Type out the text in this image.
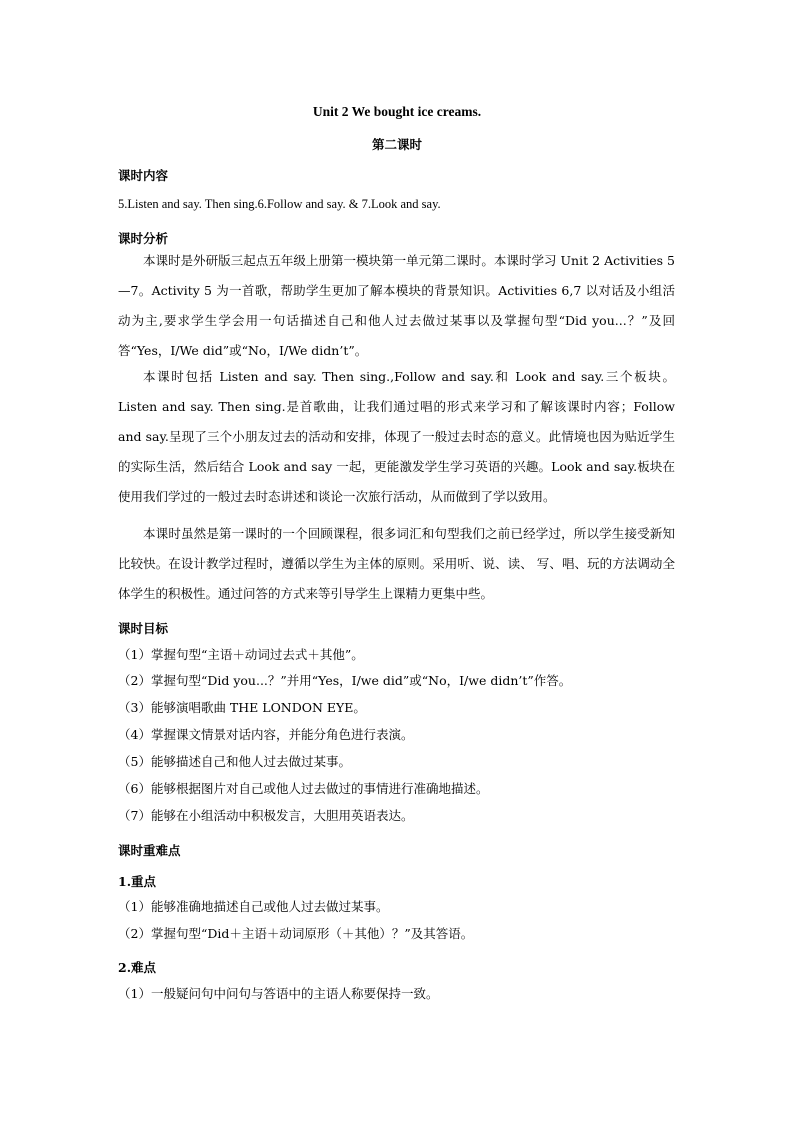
Unit 2 We bought ice creams.
第二课时
课时内容
5.Listen and say. Then sing.6.Follow and say. & 7.Look and say.
课时分析

本课时是外研版三起点五年级上册第一模块第一单元第二课时。本课时学习 Unit 2 Activities 5—7。Activity 5 为一首歌，帮助学生更加了解本模块的背景知识。Activities 6,7 以对话及小组活动为主,要求学生学会用一句话描述自己和他人过去做过某事以及掌握句型“Did you...？”及回答“Yes，I/We did”或“No，I/We didn’t”。

本课时包括 Listen and say. Then sing.,Follow and say.和 Look and say.三个板块。Listen and say. Then sing.是首歌曲，让我们通过唱的形式来学习和了解该课时内容；Follow and say.呈现了三个小朋友过去的活动和安排，体现了一般过去时态的意义。此情境也因为贴近学生的实际生活，然后结合 Look and say 一起，更能激发学生学习英语的兴趣。Look and say.板块在使用我们学过的一般过去时态讲述和谈论一次旅行活动，从而做到了学以致用。

本课时虽然是第一课时的一个回顾课程，很多词汇和句型我们之前已经学过，所以学生接受新知比较快。在设计教学过程时，遵循以学生为主体的原则。采用听、说、读、 写、唱、玩的方法调动全体学生的积极性。通过问答的方式来等引导学生上课精力更集中些。

课时目标
（1）掌握句型“主语＋动词过去式＋其他”。
（2）掌握句型“Did you...？”并用“Yes，I/we did”或“No，I/we didn’t”作答。
（3）能够演唱歌曲 THE LONDON EYE。
（4）掌握课文情景对话内容，并能分角色进行表演。
（5）能够描述自己和他人过去做过某事。
（6）能够根据图片对自己或他人过去做过的事情进行准确地描述。
（7）能够在小组活动中积极发言，大胆用英语表达。
课时重难点
1.重点
（1）能够准确地描述自己或他人过去做过某事。
（2）掌握句型“Did＋主语＋动词原形（＋其他）？”及其答语。
2.难点
（1）一般疑问句中问句与答语中的主语人称要保持一致。
